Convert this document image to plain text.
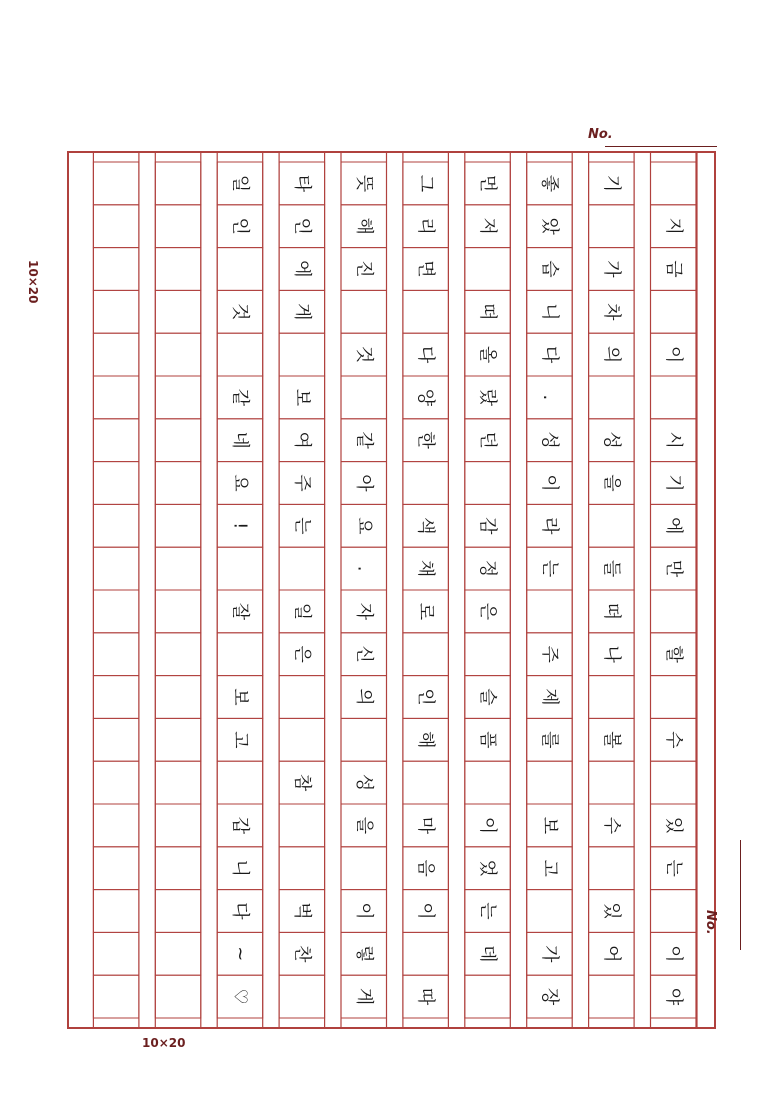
지
금
이
시
기
에
만
할
수
있
는
이
야
기
가
차
의
성
을
들
떠
나
볼
수
있
어
좋
았
습
니
다
.
성
이
라
는
주
제
를
보
고
가
장
먼
저
떠
올
랐
던
감
정
은
슬
픔
이
었
는
데
그
리
면
다
양
한
색
채
로
인
해
마
음
이
따
뜻
해
진
것
같
아
요
.
자
신
의
성
을
이
렇
게
타
인
에
게
보
여
주
는
일
은
참
벅
찬
일
인
것
같
네
요
!
잘
보
고
갑
니
다
~
♡
No.
No.
10×20
10×20
